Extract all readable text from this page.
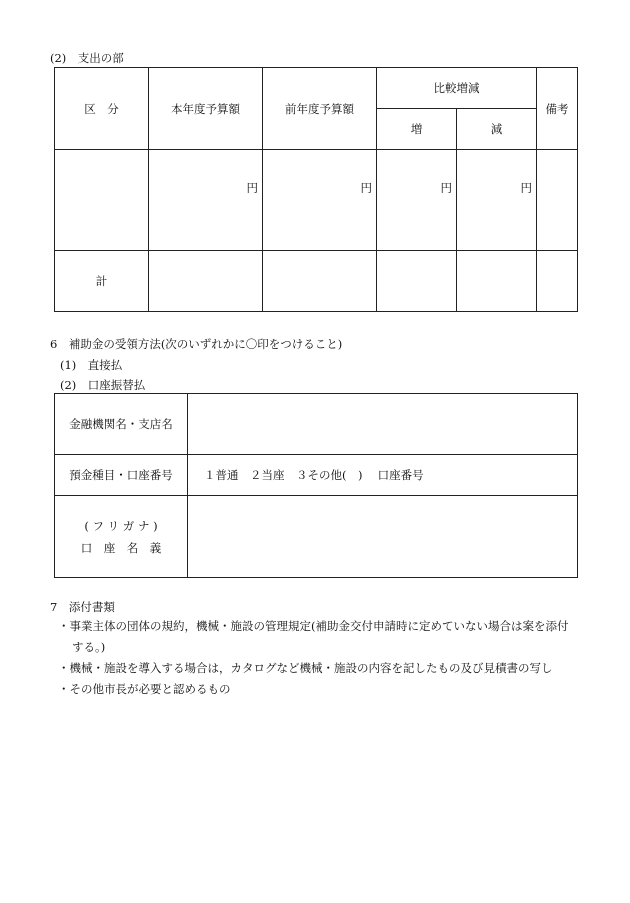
(2)　支出の部
区　分	本年度予算額	前年度予算額	比較増減		備考
			増	減	
	円	円	円	円	
計					
6　補助金の受領方法(次のいずれかに〇印をつけること)
(1)　直接払
(2)　口座振替払
金融機関名・支店名	
預金種目・口座番号	１普通　２当座　３その他(　)　 口座番号

( フ リ ガ ナ )
口　座　名　義	

7　添付書類
・事業主体の団体の規約，機械・施設の管理規定(補助金交付申請時に定めていない場合は案を添付
する。)
・機械・施設を導入する場合は，カタログなど機械・施設の内容を記したもの及び見積書の写し
・その他市長が必要と認めるもの
